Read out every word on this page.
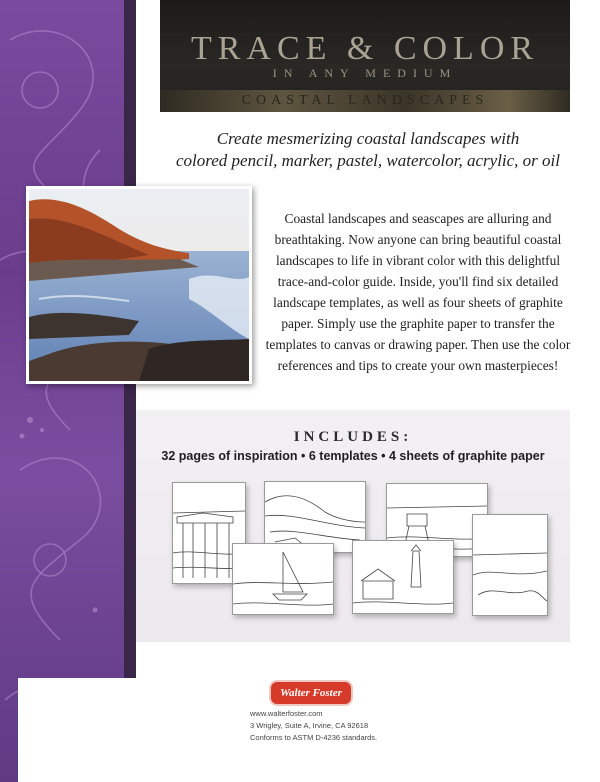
TRACE & COLOR
IN ANY MEDIUM
COASTAL LANDSCAPES
Create mesmerizing coastal landscapes with
colored pencil, marker, pastel, watercolor, acrylic, or oil
Coastal landscapes and seascapes are alluring and
breathtaking. Now anyone can bring beautiful coastal
landscapes to life in vibrant color with this delightful
trace-and-color guide. Inside, you'll find six detailed
landscape templates, as well as four sheets of graphite
paper. Simply use the graphite paper to transfer the
templates to canvas or drawing paper. Then use the color
references and tips to create your own masterpieces!
INCLUDES:
32 pages of inspiration • 6 templates • 4 sheets of graphite paper
Walter Foster
www.walterfoster.com
3 Wrigley, Suite A, Irvine, CA 92618
Conforms to ASTM D-4236 standards.
